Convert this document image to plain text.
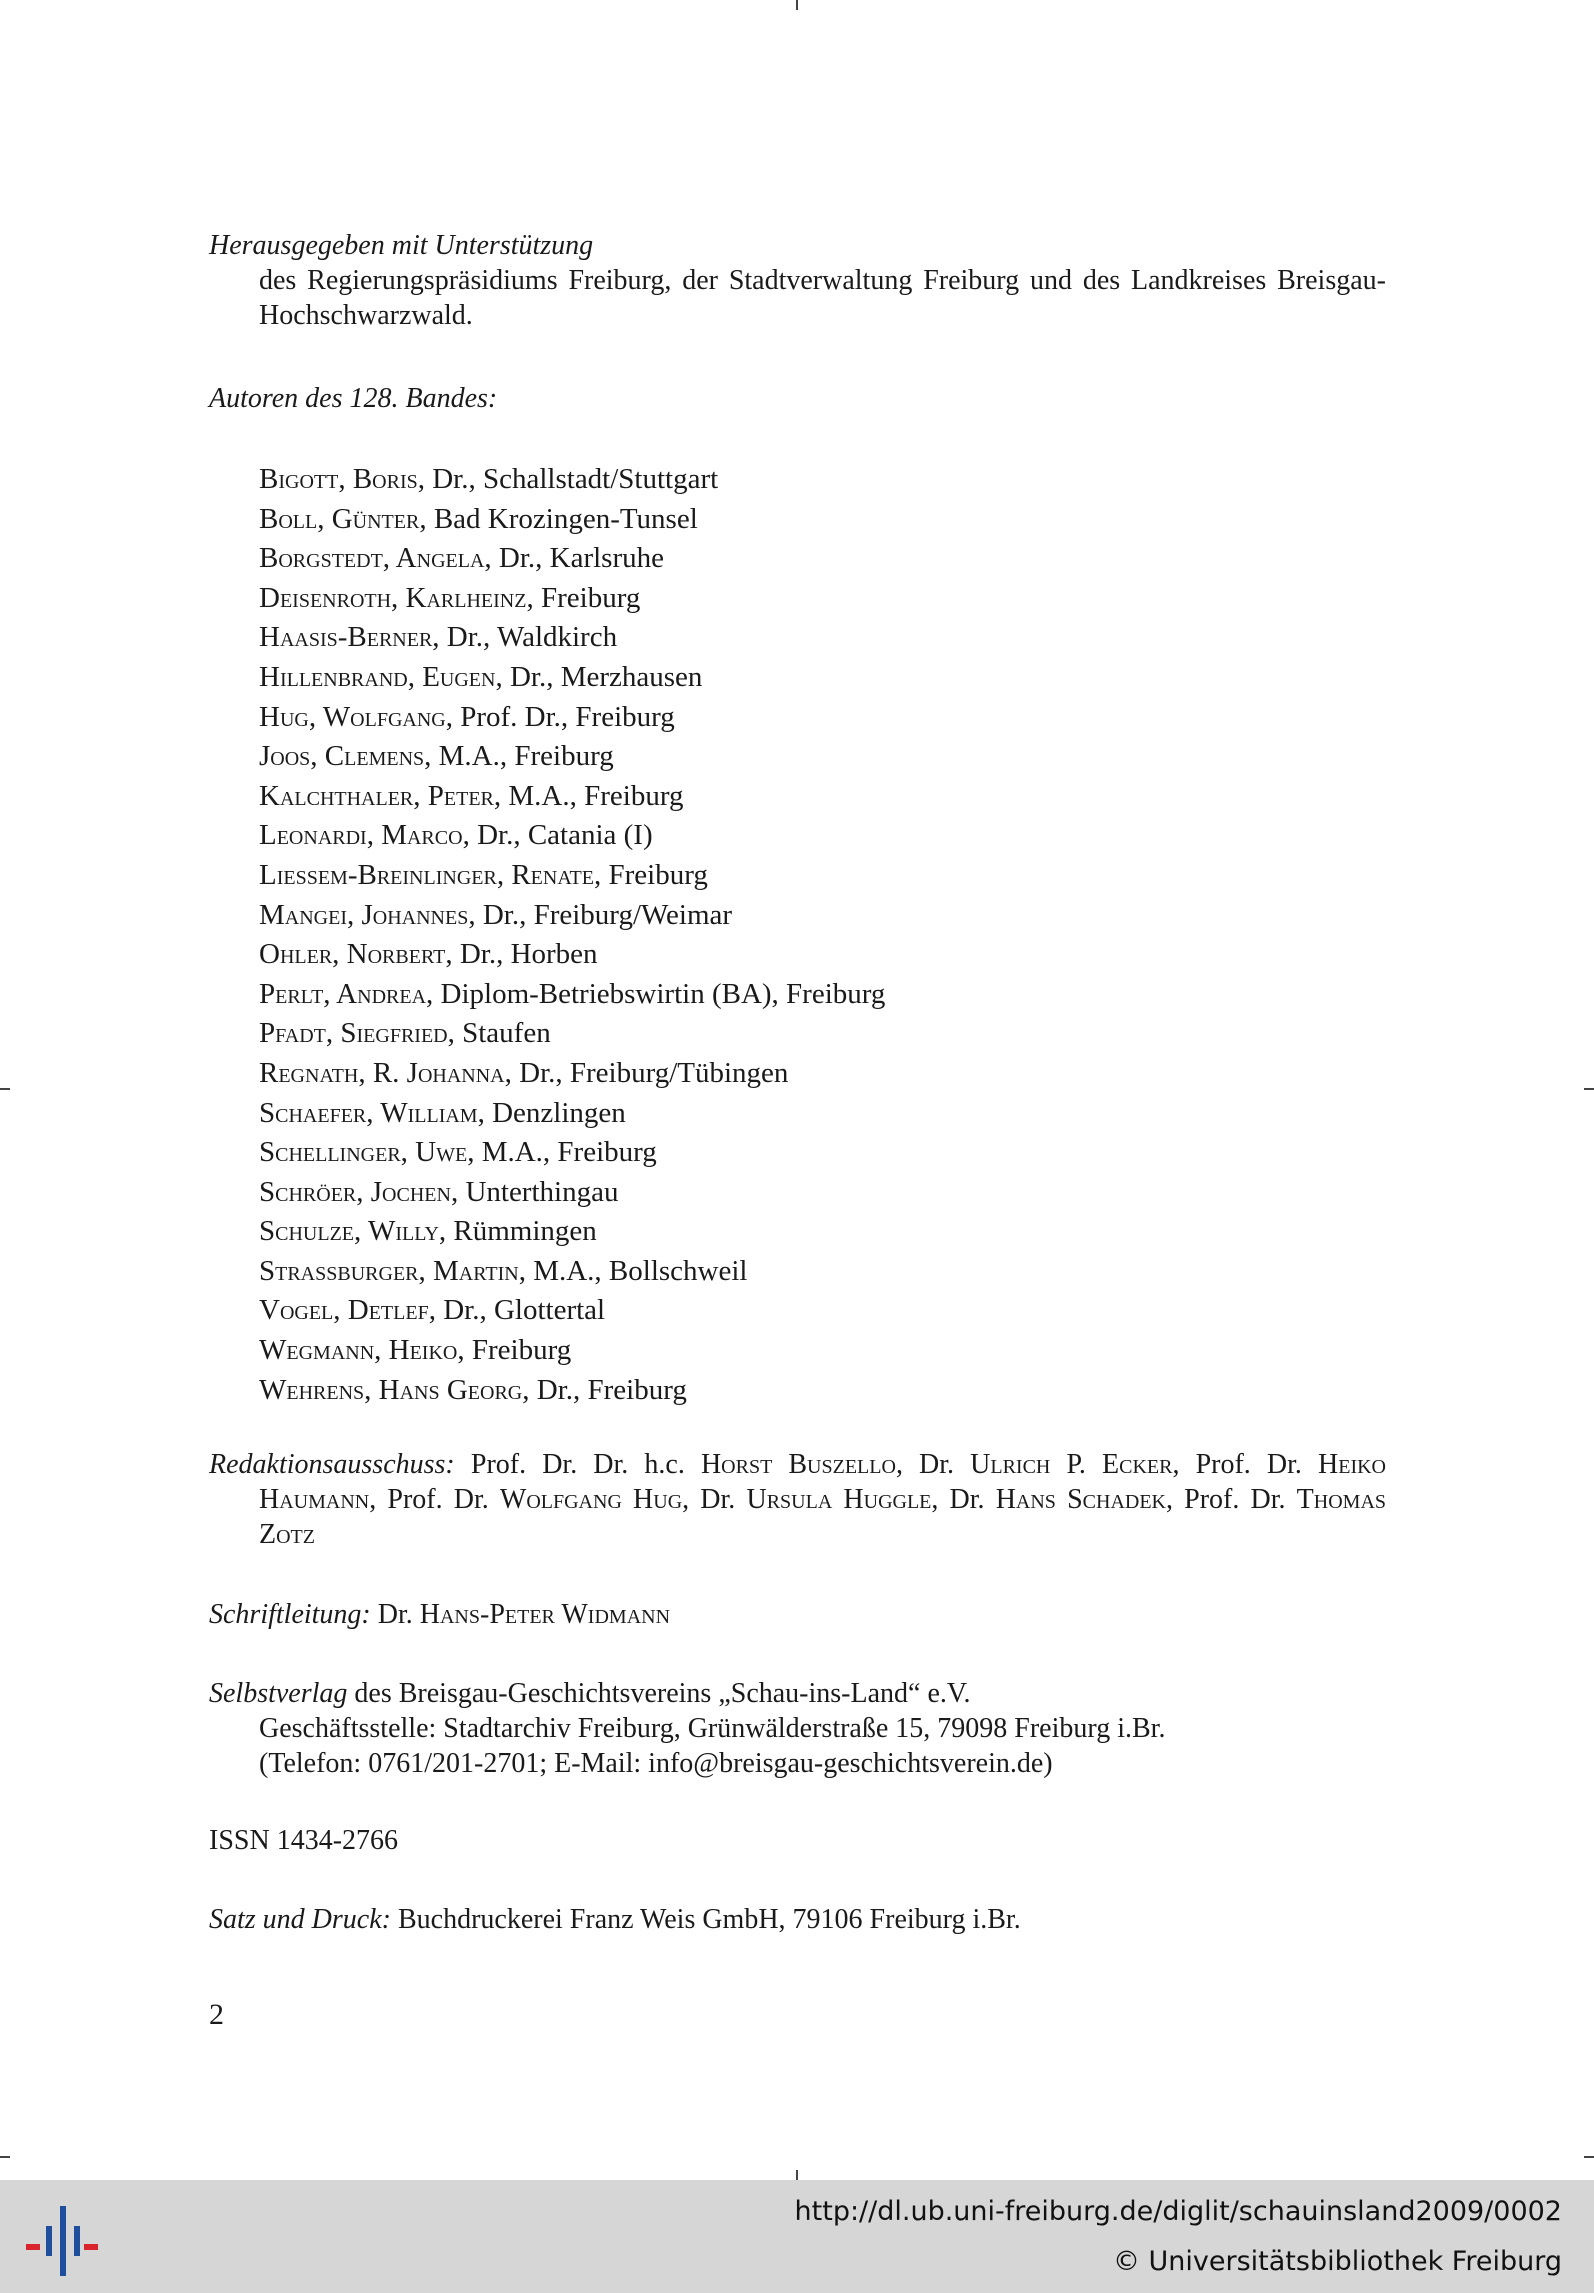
Herausgegeben mit Unterstützung
des Regierungspräsidiums Freiburg, der Stadtverwaltung Freiburg und des Landkreises Breisgau-Hochschwarzwald.
Autoren des 128. Bandes:
Bigott, Boris, Dr., Schallstadt/Stuttgart
Boll, Günter, Bad Krozingen-Tunsel
Borgstedt, Angela, Dr., Karlsruhe
Deisenroth, Karlheinz, Freiburg
Haasis-Berner, Dr., Waldkirch
Hillenbrand, Eugen, Dr., Merzhausen
Hug, Wolfgang, Prof. Dr., Freiburg
Joos, Clemens, M.A., Freiburg
Kalchthaler, Peter, M.A., Freiburg
Leonardi, Marco, Dr., Catania (I)
Liessem-Breinlinger, Renate, Freiburg
Mangei, Johannes, Dr., Freiburg/Weimar
Ohler, Norbert, Dr., Horben
Perlt, Andrea, Diplom-Betriebswirtin (BA), Freiburg
Pfadt, Siegfried, Staufen
Regnath, R. Johanna, Dr., Freiburg/Tübingen
Schaefer, William, Denzlingen
Schellinger, Uwe, M.A., Freiburg
Schröer, Jochen, Unterthingau
Schulze, Willy, Rümmingen
Straßburger, Martin, M.A., Bollschweil
Vogel, Detlef, Dr., Glottertal
Wegmann, Heiko, Freiburg
Wehrens, Hans Georg, Dr., Freiburg
Redaktionsausschuss: Prof. Dr. Dr. h.c. Horst Buszello, Dr. Ulrich P. Ecker, Prof. Dr. Heiko Haumann, Prof. Dr. Wolfgang Hug, Dr. Ursula Huggle, Dr. Hans Schadek, Prof. Dr. Thomas Zotz
Schriftleitung: Dr. Hans-Peter Widmann
Selbstverlag des Breisgau-Geschichtsvereins „Schau-ins-Land“ e.V.
Geschäftsstelle: Stadtarchiv Freiburg, Grünwälderstraße 15, 79098 Freiburg i.Br.
(Telefon: 0761/201-2701; E-Mail: info@breisgau-geschichtsverein.de)
ISSN 1434-2766
Satz und Druck: Buchdruckerei Franz Weis GmbH, 79106 Freiburg i.Br.
2
http://dl.ub.uni-freiburg.de/diglit/schauinsland2009/0002
© Universitätsbibliothek Freiburg
